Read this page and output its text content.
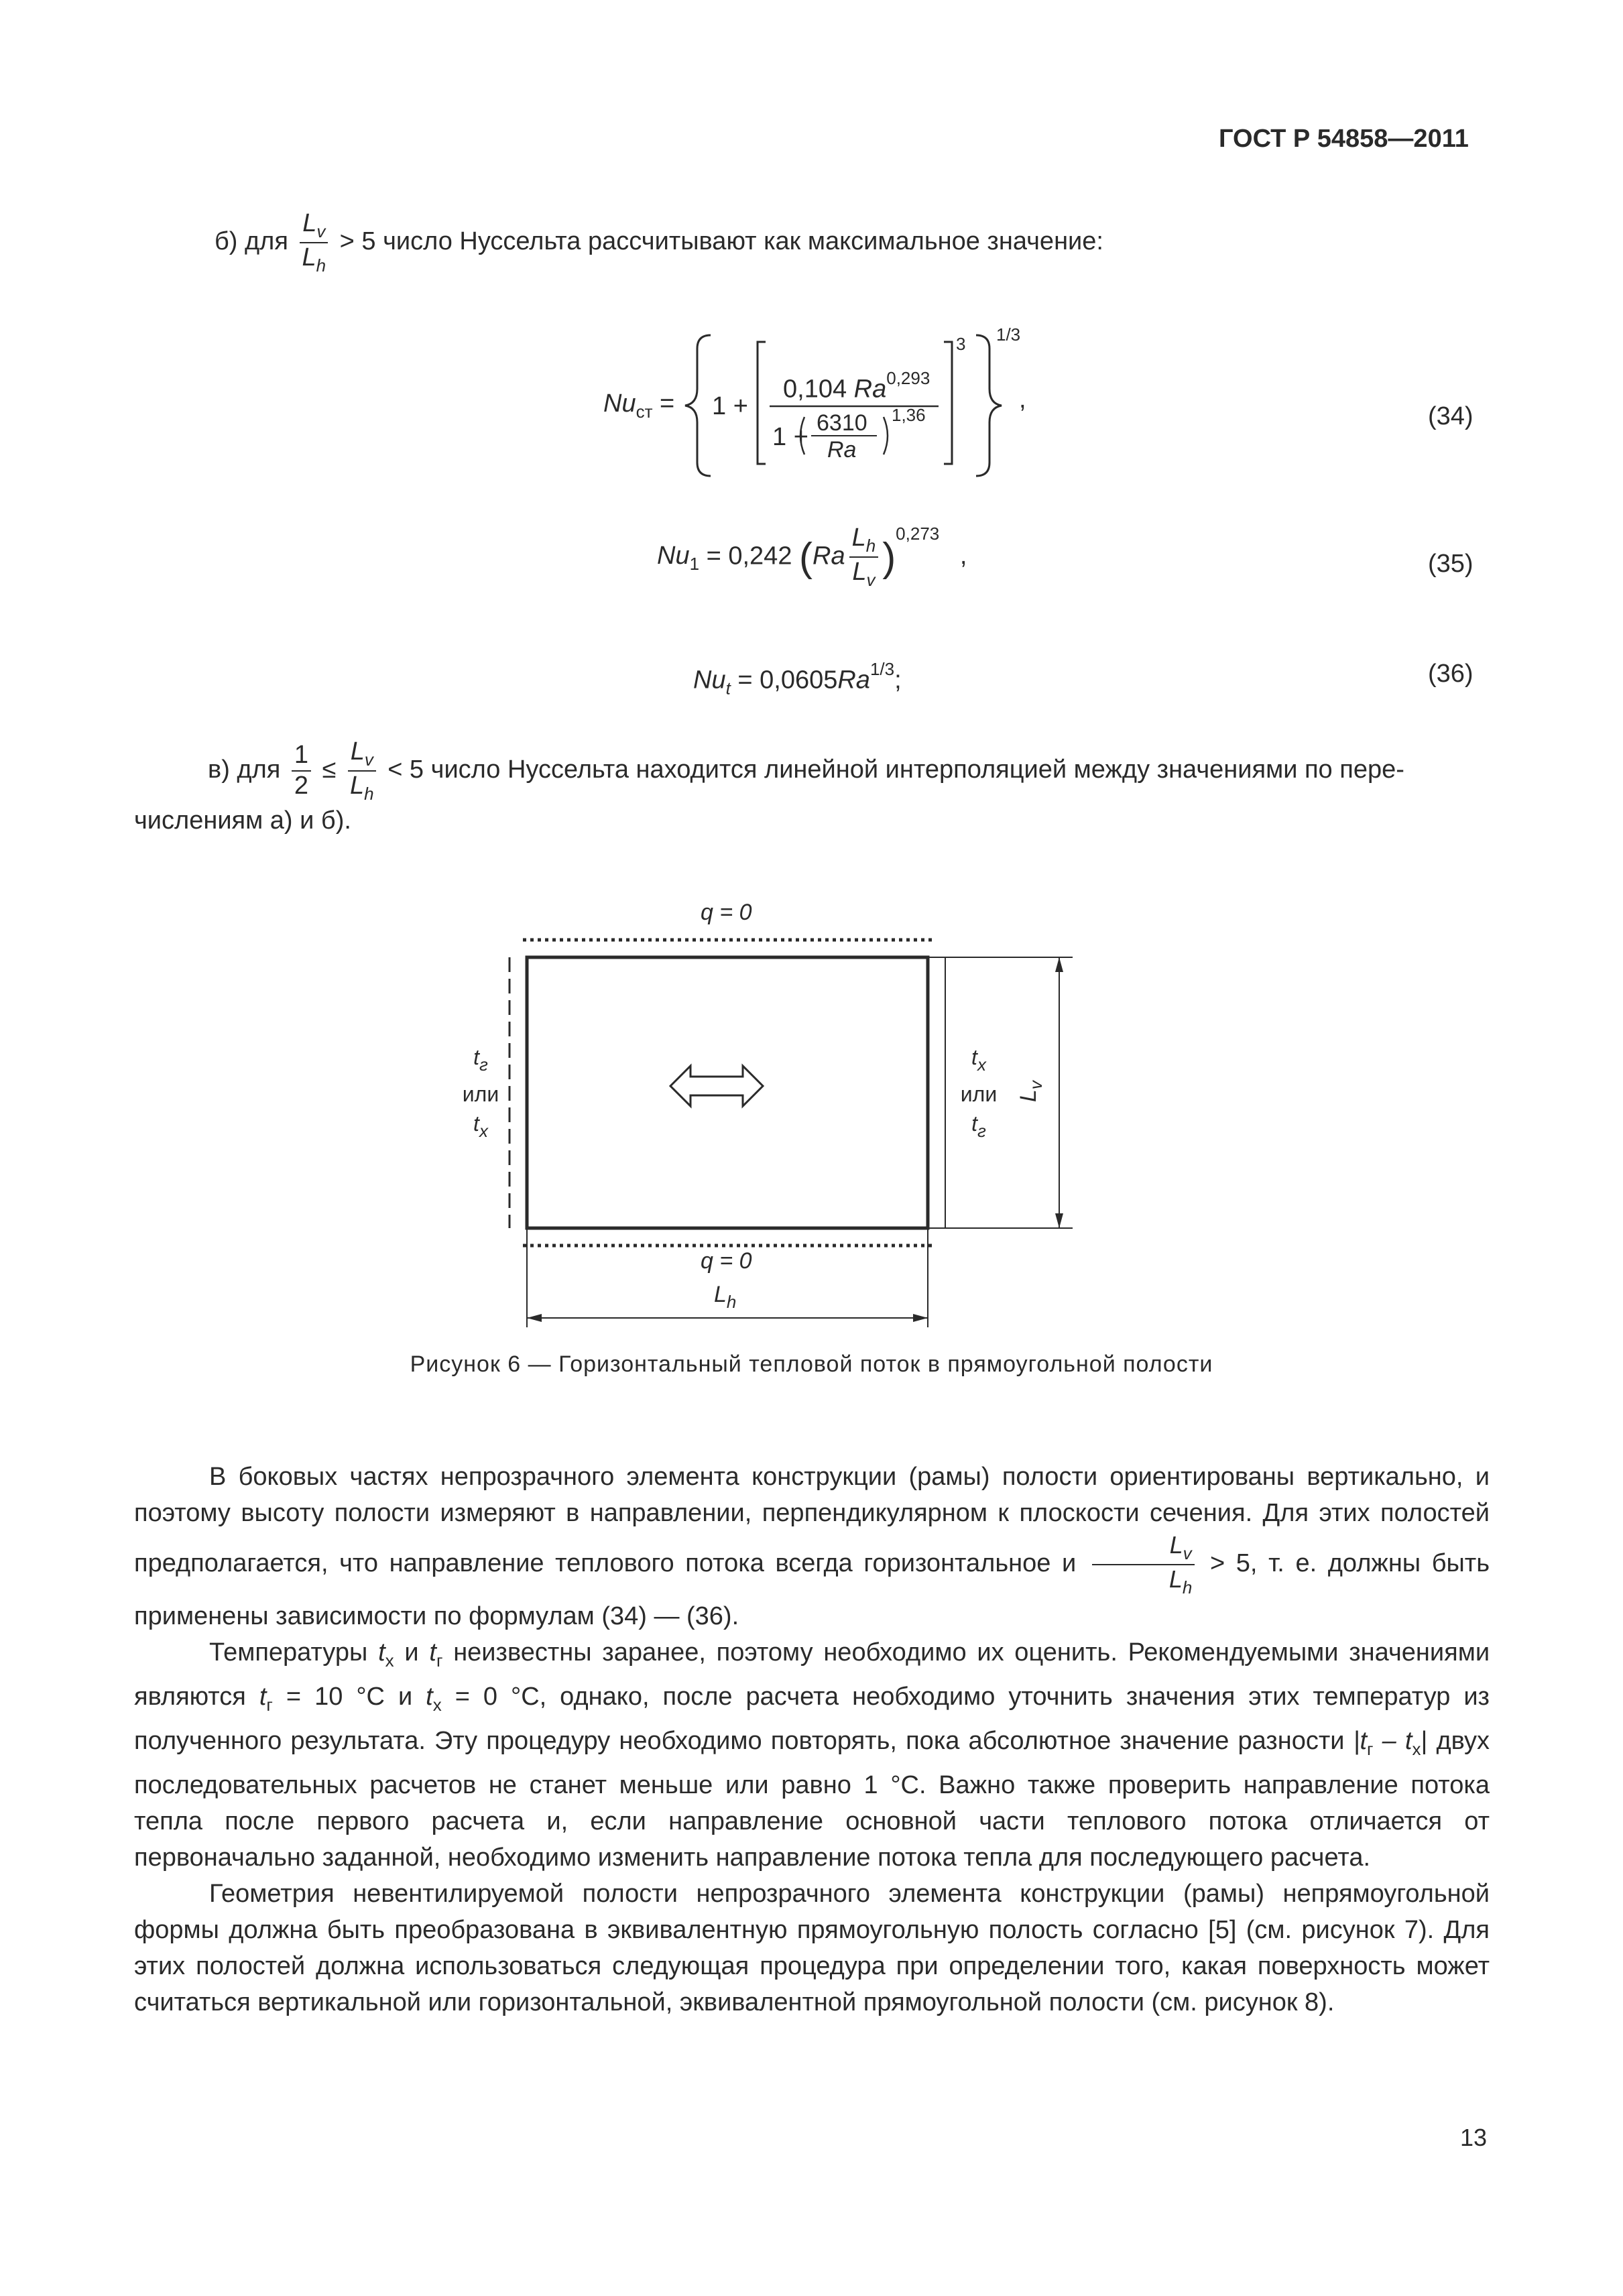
ГОСТ Р 54858—2011
б) для $\frac{L_v}{L_h} > 5$ число Нуссельта рассчитывают как максимальное значение:
$Nu_{ст} = 1$ +
0,104 Ra$^{0,293}$
1 + 6310
Ra
1,36
3 1/3
,
(34)
$Nu_1 = 0,242$ $(Ra \frac{L_h}{L_v} )^{0,273}$ ,	(35)
$Nu_t = 0,0605Ra^{1/3}$;	(36)
в) для $\frac{1}{2} \le \frac{L_v}{L_h} < 5$ число Нуссельта находится линейной интерполяцией между значениями по пере-
числениям а) и б).
q = 0
q = 0
$t_г$
или
$t_x$
$t_x$
или
$t_г$
$L_v$
$L_h$
Рисунок 6 — Горизонтальный тепловой поток в прямоугольной полости

В боковых частях непрозрачного элемента конструкции (рамы) полости ориентированы вертикально, и поэтому высоту полости измеряют в направлении, перпендикулярном к плоскости сечения. Для этих полостей предполагается, что направление теплового потока всегда горизонтальное и $\frac{L_v}{L_h} > 5$, т. е. должны быть применены зависимости по формулам (34) — (36).

Температуры $t_x$ и $t_г$ неизвестны заранее, поэтому необходимо их оценить. Рекомендуемыми значениями являются $t_г = 10$ °С и $t_x = 0$ °С, однако, после расчета необходимо уточнить значения этих температур из полученного результата. Эту процедуру необходимо повторять, пока абсолютное значение разности $|t_г - t_x|$ двух последовательных расчетов не станет меньше или равно 1 °С. Важно также проверить направление потока тепла после первого расчета и, если направление основной части теплового потока отличается от первоначально заданной, необходимо изменить направление потока тепла для последующего расчета.

Геометрия невентилируемой полости непрозрачного элемента конструкции (рамы) непрямоугольной формы должна быть преобразована в эквивалентную прямоугольную полость согласно [5] (см. рисунок 7). Для этих полостей должна использоваться следующая процедура при определении того, какая поверхность может считаться вертикальной или горизонтальной, эквивалентной прямоугольной полости (см. рисунок 8).

13
